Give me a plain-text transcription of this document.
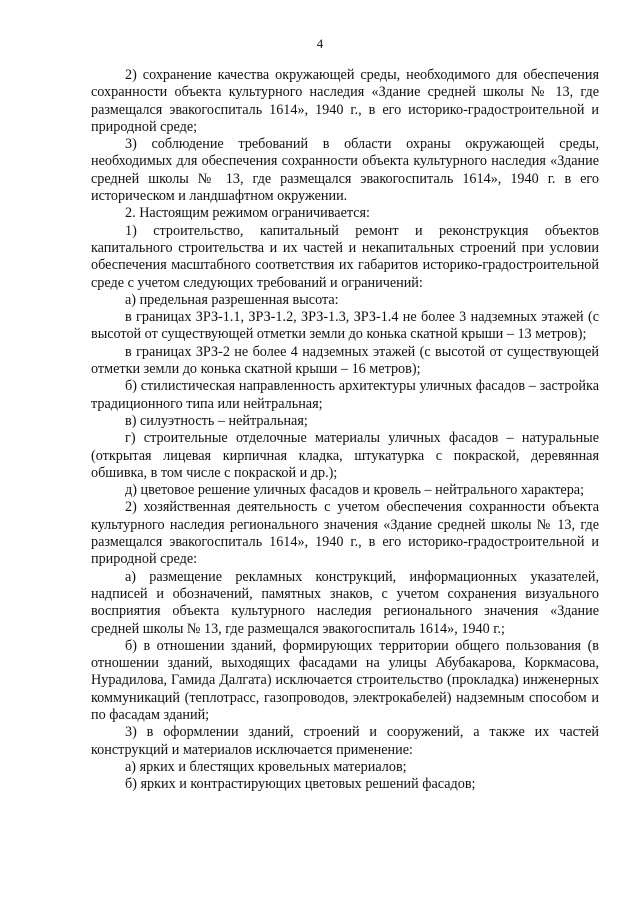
4

2) сохранение качества окружающей среды, необходимого для обеспечения сохранности объекта культурного наследия «Здание средней школы № 13, где размещался эвакогоспиталь 1614», 1940 г., в его историко-градостроительной и природной среде;

3) соблюдение требований в области охраны окружающей среды, необходимых для обеспечения сохранности объекта культурного наследия «Здание средней школы № 13, где размещался эвакогоспиталь 1614», 1940 г. в его историческом и ландшафтном окружении.

2. Настоящим режимом ограничивается:

1) строительство, капитальный ремонт и реконструкция объектов капитального строительства и их частей и некапитальных строений при условии обеспечения масштабного соответствия их габаритов историко-градостроительной среде с учетом следующих требований и ограничений:

а) предельная разрешенная высота:

в границах ЗРЗ-1.1, ЗРЗ-1.2, ЗРЗ-1.3, ЗРЗ-1.4 не более 3 надземных этажей (с высотой от существующей отметки земли до конька скатной крыши – 13 метров);

в границах ЗРЗ-2 не более 4 надземных этажей (с высотой от существующей отметки земли до конька скатной крыши – 16 метров);

б) стилистическая направленность архитектуры уличных фасадов – застройка традиционного типа или нейтральная;

в) силуэтность – нейтральная;

г) строительные отделочные материалы уличных фасадов – натуральные (открытая лицевая кирпичная кладка, штукатурка с покраской, деревянная обшивка, в том числе с покраской и др.);

д) цветовое решение уличных фасадов и кровель – нейтрального характера;

2) хозяйственная деятельность с учетом обеспечения сохранности объекта культурного наследия регионального значения «Здание средней школы № 13, где размещался эвакогоспиталь 1614», 1940 г., в его историко-градостроительной и природной среде:

а) размещение рекламных конструкций, информационных указателей, надписей и обозначений, памятных знаков, с учетом сохранения визуального восприятия объекта культурного наследия регионального значения «Здание средней школы № 13, где размещался эвакогоспиталь 1614», 1940 г.;

б) в отношении зданий, формирующих территории общего пользования (в отношении зданий, выходящих фасадами на улицы Абубакарова, Коркмасова, Нурадилова, Гамида Далгата) исключается строительство (прокладка) инженерных коммуникаций (теплотрасс, газопроводов, электрокабелей) надземным способом и по фасадам зданий;

3) в оформлении зданий, строений и сооружений, а также их частей конструкций и материалов исключается применение:

а) ярких и блестящих кровельных материалов;

б) ярких и контрастирующих цветовых решений фасадов;
